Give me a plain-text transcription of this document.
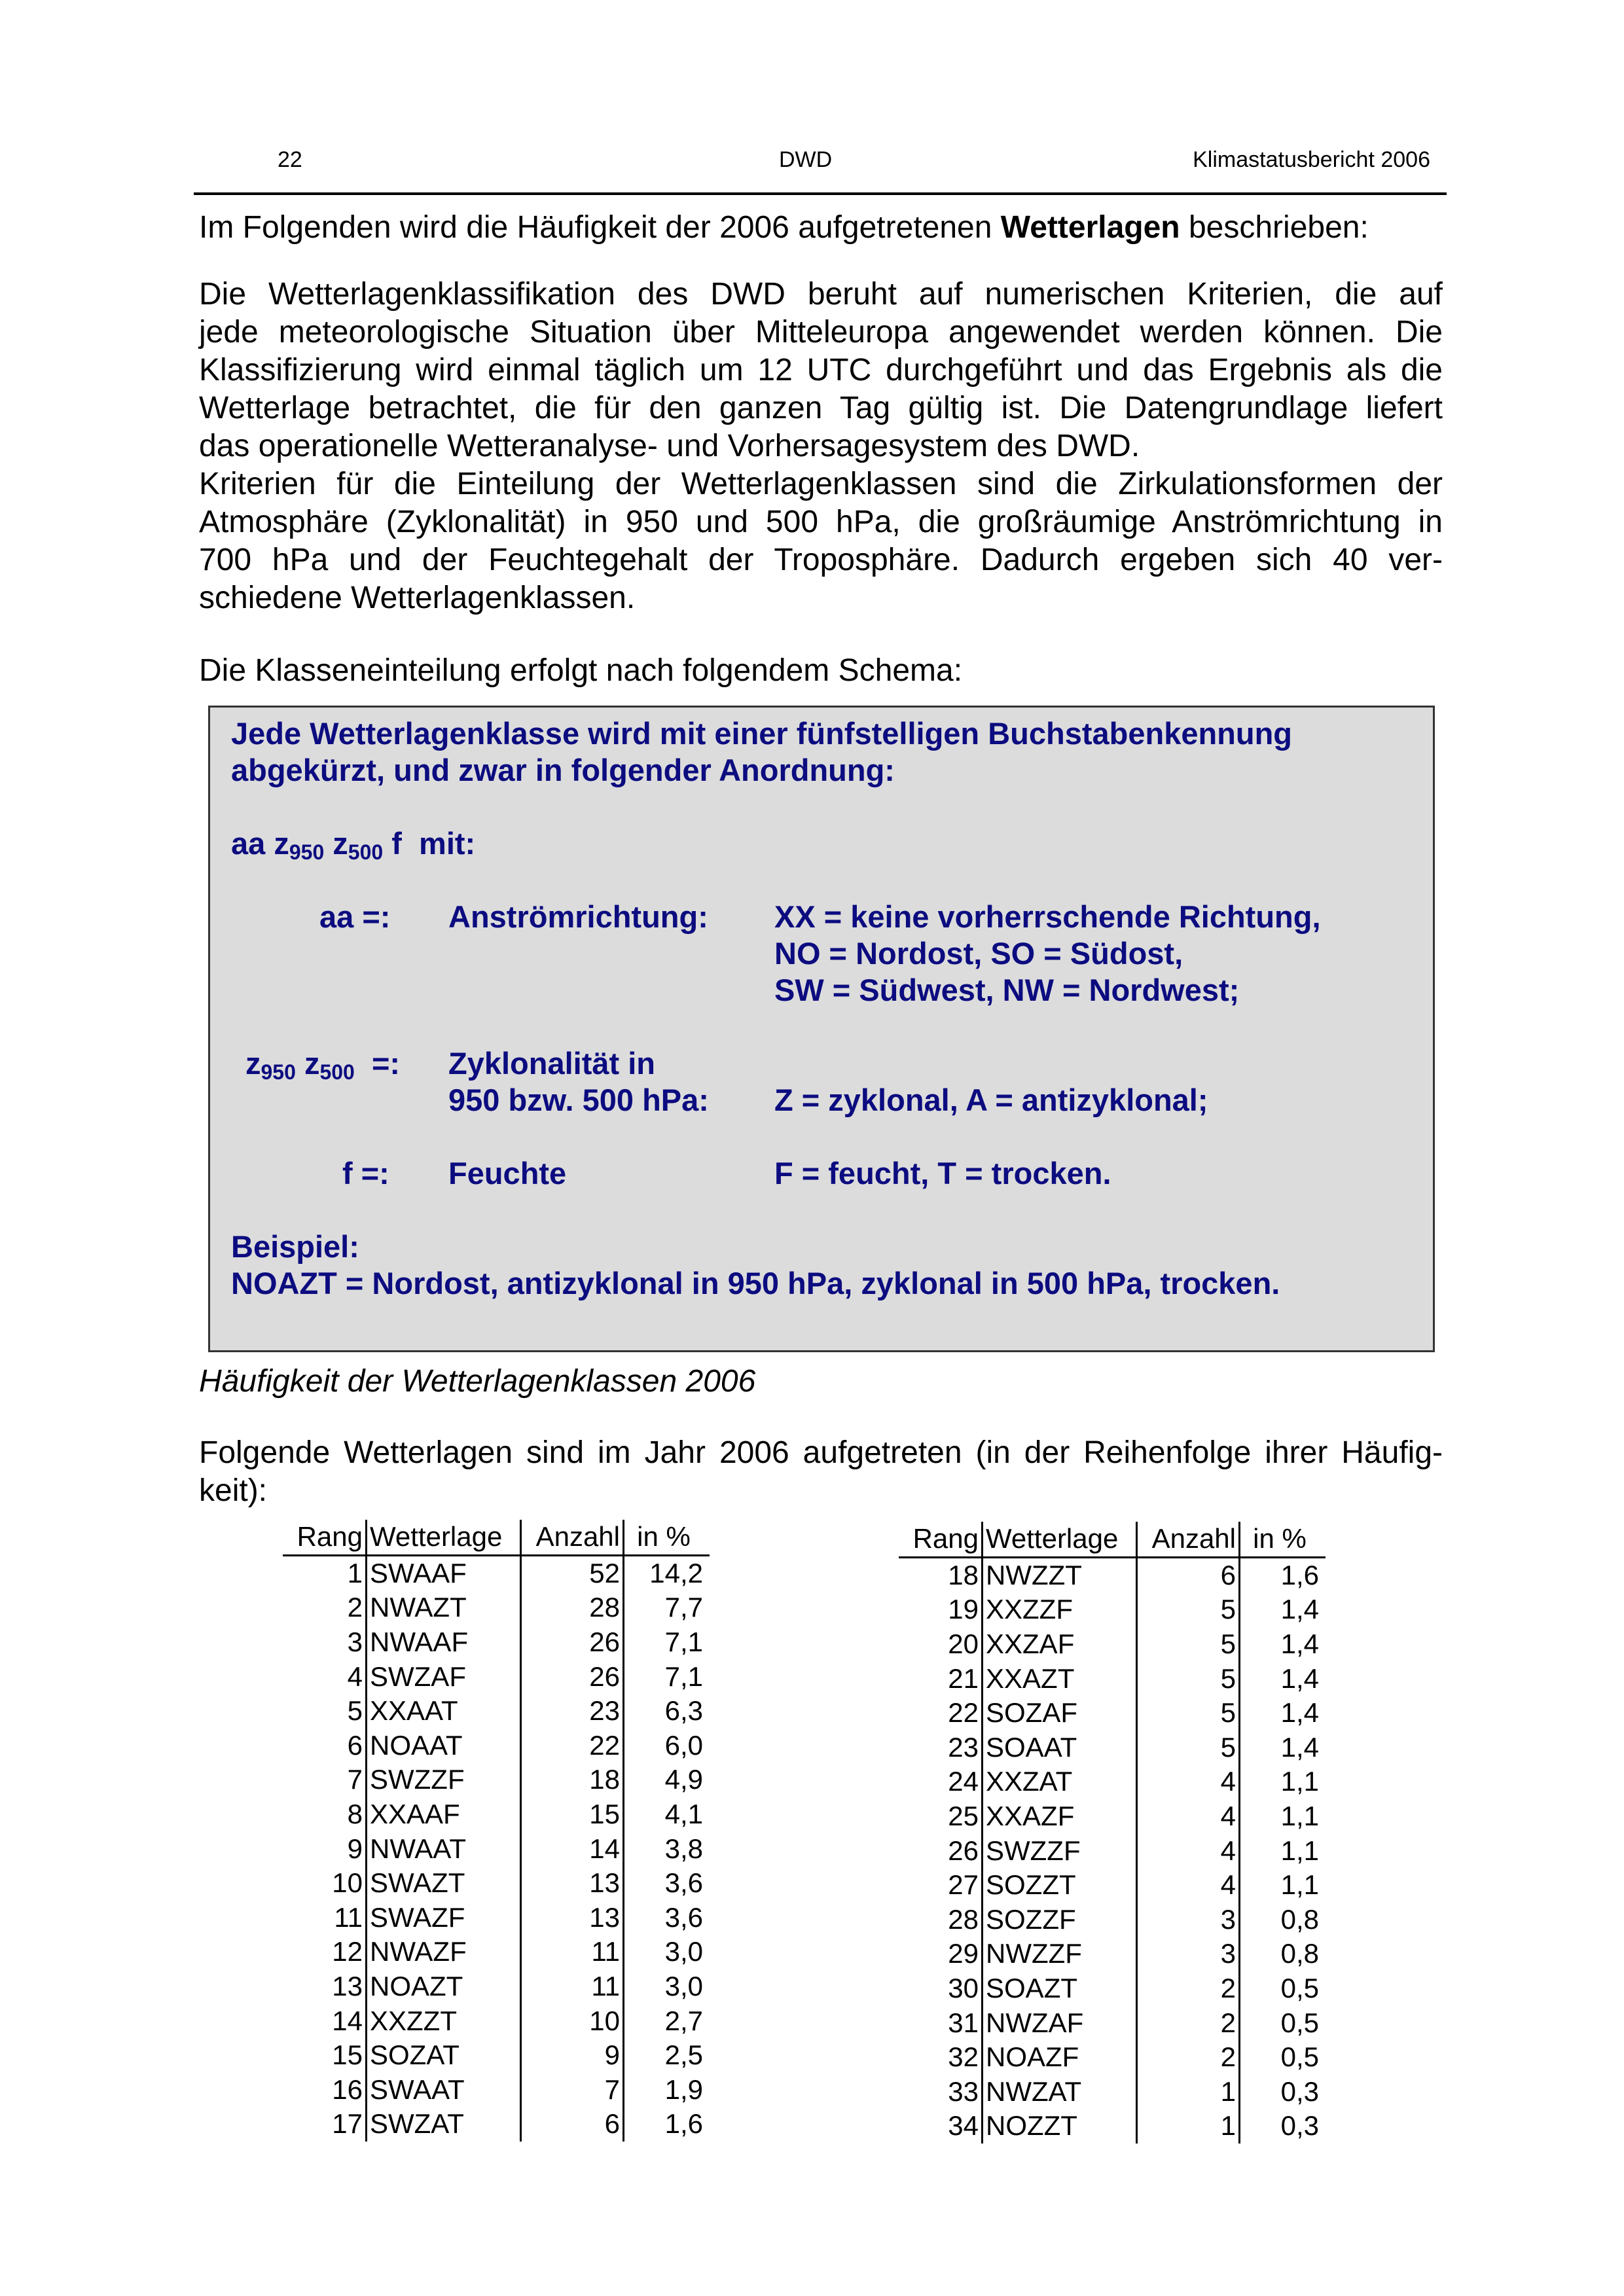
22	DWD	Klimastatusbericht 2006
Im Folgenden wird die Häufigkeit der 2006 aufgetretenen Wetterlagen beschrieben:
Die Wetterlagenklassifikation des DWD beruht auf numerischen Kriterien, die auf
jede meteorologische Situation über Mitteleuropa angewendet werden können. Die
Klassifizierung wird einmal täglich um 12 UTC durchgeführt und das Ergebnis als die
Wetterlage betrachtet, die für den ganzen Tag gültig ist. Die Datengrundlage liefert
das operationelle Wetteranalyse- und Vorhersagesystem des DWD.
Kriterien für die Einteilung der Wetterlagenklassen sind die Zirkulationsformen der
Atmosphäre (Zyklonalität) in 950 und 500 hPa, die großräumige Anströmrichtung in
700 hPa und der Feuchtegehalt der Troposphäre. Dadurch ergeben sich 40 ver-
schiedene Wetterlagenklassen.
Die Klasseneinteilung erfolgt nach folgendem Schema:
Jede Wetterlagenklasse wird mit einer fünfstelligen Buchstabenkennung
abgekürzt, und zwar in folgender Anordnung:
aa $z_{950}$ $z_{500}$ f mit:
aa =: Anströmrichtung: XX = keine vorherrschende Richtung,
NO = Nordost, SO = Südost,
SW = Südwest, NW = Nordwest;
$z_{950}$ $z_{500}$ =: Zyklonalität in
950 bzw. 500 hPa: Z = zyklonal, A = antizyklonal;
f =: Feuchte	F = feucht, T = trocken.
Beispiel:
NOAZT = Nordost, antizyklonal in 950 hPa, zyklonal in 500 hPa, trocken.
Häufigkeit der Wetterlagenklassen 2006
Folgende Wetterlagen sind im Jahr 2006 aufgetreten (in der Reihenfolge ihrer Häufig-
keit):
Rang	Wetterlage	Anzahl	in %
1	SWAAF	52	14,2
2	NWAZT	28	7,7
3	NWAAF	26	7,1
4	SWZAF	26	7,1
5	XXAAT	23	6,3
6	NOAAT	22	6,0
7	SWZZF	18	4,9
8	XXAAF	15	4,1
9	NWAAT	14	3,8
10	SWAZT	13	3,6
11	SWAZF	13	3,6
12	NWAZF	11	3,0
13	NOAZT	11	3,0
14	XXZZT	10	2,7
15	SOZAT	9	2,5
16	SWAAT	7	1,9
17	SWZAT	6	1,6
Rang	Wetterlage	Anzahl	in %
18	NWZZT	6	1,6
19	XXZZF	5	1,4
20	XXZAF	5	1,4
21	XXAZT	5	1,4
22	SOZAF	5	1,4
23	SOAAT	5	1,4
24	XXZAT	4	1,1
25	XXAZF	4	1,1
26	SWZZF	4	1,1
27	SOZZT	4	1,1
28	SOZZF	3	0,8
29	NWZZF	3	0,8
30	SOAZT	2	0,5
31	NWZAF	2	0,5
32	NOAZF	2	0,5
33	NWZAT	1	0,3
34	NOZZT	1	0,3
